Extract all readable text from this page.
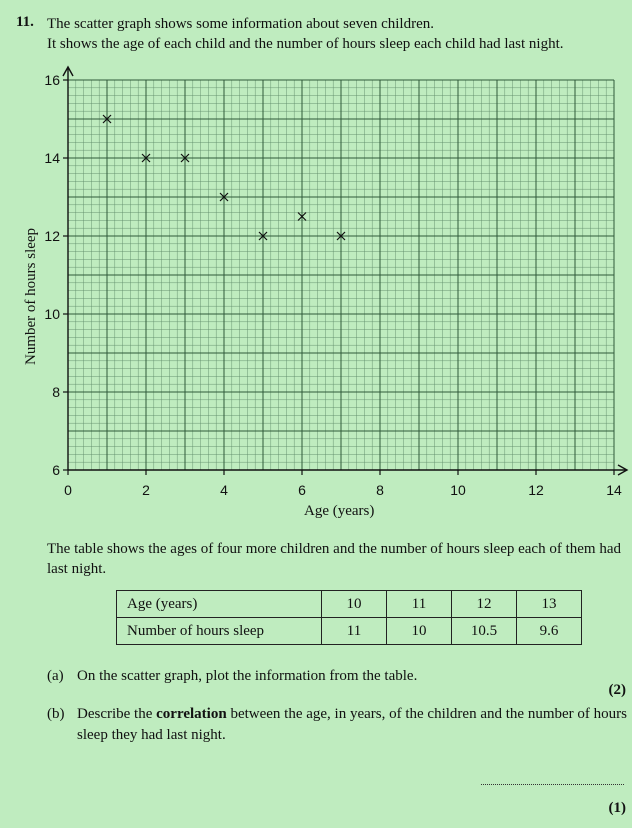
11. The scatter graph shows some information about seven children.
It shows the age of each child and the number of hours sleep each child had last night.
0	2	4	6	8	10	12	14
6
8
10
12
14
16
Number of hours sleep
Age (years)
The table shows the ages of four more children and the number of hours sleep each of them had last night.
Age (years)	10	11	12	13
Number of hours sleep	11	10	10.5	9.6
(a) On the scatter graph, plot the information from the table.
(2)
(b) Describe the correlation between the age, in years, of the children and the number of hours sleep they had last night.
(1)
